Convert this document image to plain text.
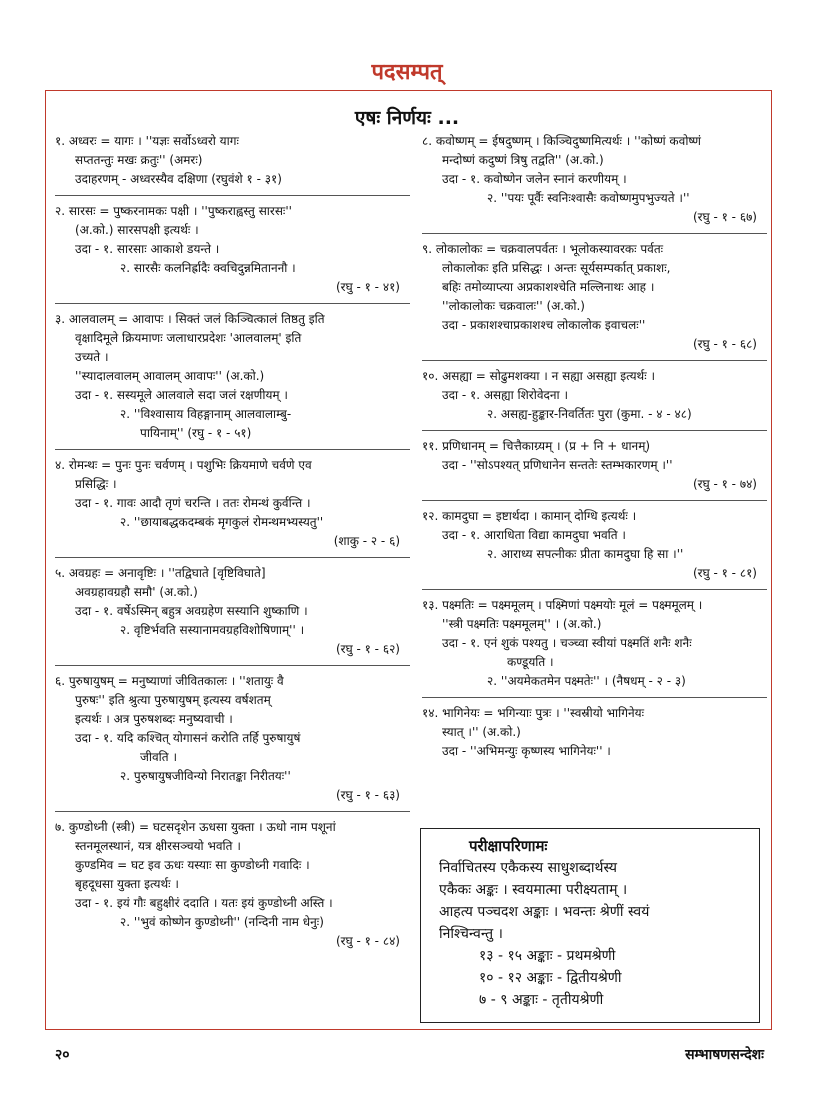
पदसम्पत्
एषः निर्णयः ...
१. अध्वरः = यागः । ''यज्ञः सर्वोऽध्वरो यागः
सप्ततन्तुः मखः क्रतुः'' (अमरः)
उदाहरणम् - अध्वरस्यैव दक्षिणा (रघुवंशे १ - ३१)
२. सारसः = पुष्करनामकः पक्षी । ''पुष्कराह्वस्तु सारसः''
(अ.को.) सारसपक्षी इत्यर्थः ।
उदा - १. सारसाः आकाशे डयन्ते ।
२. सारसैः कलनिर्ह्रादैः क्वचिदुन्नमिताननौ ।
(रघु - १ - ४१)
३. आलवालम् = आवापः । सिक्तं जलं किञ्चित्कालं तिष्ठतु इति
वृक्षादिमूले क्रियमाणः जलाधारप्रदेशः 'आलवालम्' इति
उच्यते ।
''स्यादालवालम् आवालम् आवापः'' (अ.को.)
उदा - १. सस्यमूले आलवाले सदा जलं रक्षणीयम् ।
२. ''विश्वासाय विहङ्गानाम् आलवालाम्बु-
पायिनाम्'' (रघु - १ - ५१)
४. रोमन्थः = पुनः पुनः चर्वणम् । पशुभिः क्रियमाणे चर्वणे एव
प्रसिद्धिः ।
उदा - १. गावः आदौ तृणं चरन्ति । ततः रोमन्थं कुर्वन्ति ।
२. ''छायाबद्धकदम्बकं मृगकुलं रोमन्थमभ्यस्यतु''
(शाकु - २ - ६)
५. अवग्रहः = अनावृष्टिः । ''तद्विघाते [वृष्टिविघाते]
अवग्रहावग्रहौ समौ' (अ.को.)
उदा - १. वर्षेऽस्मिन् बहुत्र अवग्रहेण सस्यानि शुष्काणि ।
२. वृष्टिर्भवति सस्यानामवग्रहविशोषिणाम्'' ।
(रघु - १ - ६२)
६. पुरुषायुषम् = मनुष्याणां जीवितकालः । ''शतायुः वै
पुरुषः'' इति श्रुत्या पुरुषायुषम् इत्यस्य वर्षशतम्
इत्यर्थः । अत्र पुरुषशब्दः मनुष्यवाची ।
उदा - १. यदि कश्चित् योगासनं करोति तर्हि पुरुषायुषं
जीवति ।
२. पुरुषायुषजीविन्यो निरातङ्का निरीतयः''
(रघु - १ - ६३)
७. कुण्डोध्नी (स्त्री) = घटसदृशेन ऊधसा युक्ता । ऊधो नाम पशूनां
स्तनमूलस्थानं, यत्र क्षीरसञ्चयो भवति ।
कुण्डमिव = घट इव ऊधः यस्याः सा कुण्डोध्नी गवादिः ।
बृहदूधसा युक्ता इत्यर्थः ।
उदा - १. इयं गौः बहुक्षीरं ददाति । यतः इयं कुण्डोध्नी अस्ति ।
२. ''भुवं कोष्णेन कुण्डोध्नी'' (नन्दिनी नाम धेनुः)
(रघु - १ - ८४)
८. कवोष्णम् = ईषदुष्णम् । किञ्चिदुष्णमित्यर्थः । ''कोष्णं कवोष्णं
मन्दोष्णं कदुष्णं त्रिषु तद्वति'' (अ.को.)
उदा - १. कवोष्णेन जलेन स्नानं करणीयम् ।
२. ''पयः पूर्वैः स्वनिःश्वासैः कवोष्णमुपभुज्यते ।''
(रघु - १ - ६७)
९. लोकालोकः = चक्रवालपर्वतः । भूलोकस्यावरकः पर्वतः
लोकालोकः इति प्रसिद्धः । अन्तः सूर्यसम्पर्कात् प्रकाशः,
बहिः तमोव्याप्त्या अप्रकाशश्चेति मल्लिनाथः आह ।
''लोकालोकः चक्रवालः'' (अ.को.)
उदा - प्रकाशश्चाप्रकाशश्च लोकालोक इवाचलः''
(रघु - १ - ६८)
१०. असह्या = सोढुमशक्या । न सह्या असह्या इत्यर्थः ।
उदा - १. असह्या शिरोवेदना ।
२. असह्य-हुङ्कार-निवर्तितः पुरा (कुमा. - ४ - ४८)
११. प्रणिधानम् = चित्तैकाग्र्यम् । (प्र + नि + धानम्)
उदा - ''सोऽपश्यत् प्रणिधानेन सन्ततेः स्तम्भकारणम् ।''
(रघु - १ - ७४)
१२. कामदुघा = इष्टार्थदा । कामान् दोग्धि इत्यर्थः ।
उदा - १. आराधिता विद्या कामदुघा भवति ।
२. आराध्य सपत्नीकः प्रीता कामदुघा हि सा ।''
(रघु - १ - ८१)
१३. पक्ष्मतिः = पक्ष्ममूलम् । पक्ष्मिणां पक्ष्मयोः मूलं = पक्ष्ममूलम् ।
''स्त्री पक्ष्मतिः पक्ष्ममूलम्'' । (अ.को.)
उदा - १. एनं शुकं पश्यतु । चञ्च्वा स्वीयां पक्ष्मतिं शनैः शनैः
कण्डूयति ।
२. ''अयमेकतमेन पक्ष्मतेः'' । (नैषधम् - २ - ३)
१४. भागिनेयः = भगिन्याः पुत्रः । ''स्वस्रीयो भागिनेयः
स्यात् ।'' (अ.को.)
उदा - ''अभिमन्युः कृष्णस्य भागिनेयः'' ।
परीक्षापरिणामः
निर्वाचितस्य एकैकस्य साधुशब्दार्थस्य
एकैकः अङ्कः । स्वयमात्मा परीक्ष्यताम् ।
आहत्य पञ्चदश अङ्काः । भवन्तः श्रेणीं स्वयं
निश्चिन्वन्तु ।
१३ - १५ अङ्काः - प्रथमश्रेणी
१० - १२ अङ्काः - द्वितीयश्रेणी
७ - ९ अङ्काः - तृतीयश्रेणी
२०	सम्भाषणसन्देशः
